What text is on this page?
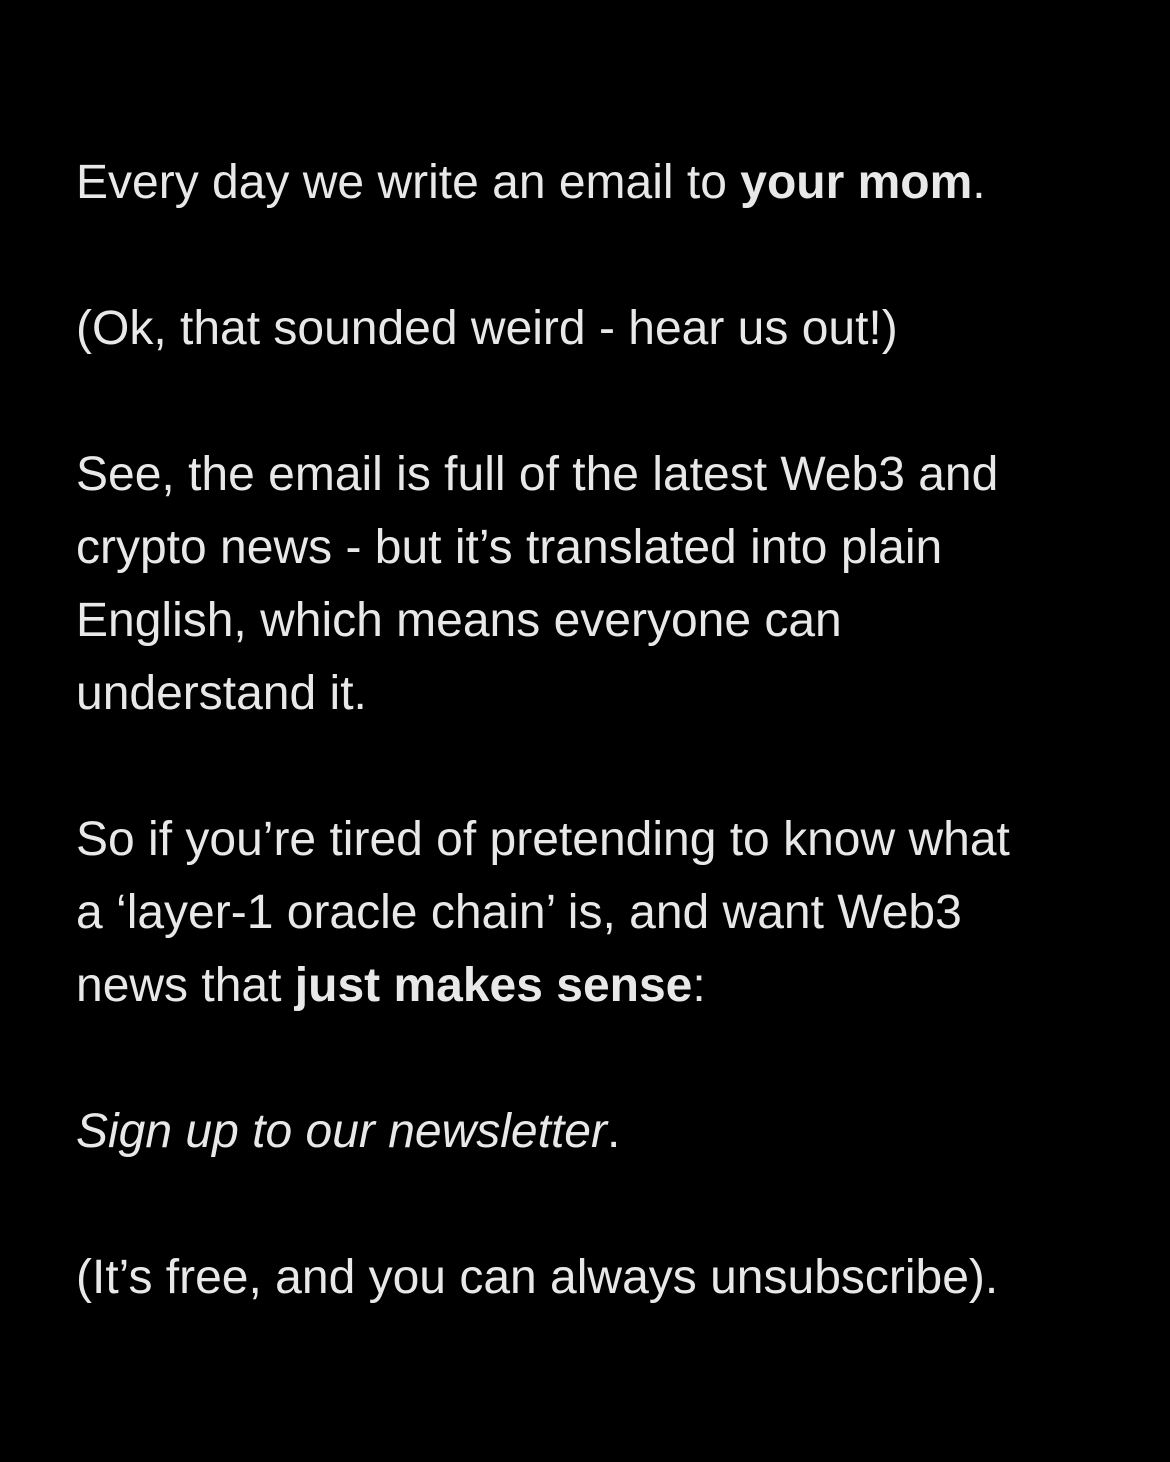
Every day we write an email to your mom.

(Ok, that sounded weird - hear us out!)

See, the email is full of the latest Web3 and
crypto news - but it’s translated into plain
English, which means everyone can
understand it.

So if you’re tired of pretending to know what
a ‘layer-1 oracle chain’ is, and want Web3
news that just makes sense:

Sign up to our newsletter.

(It’s free, and you can always unsubscribe).
